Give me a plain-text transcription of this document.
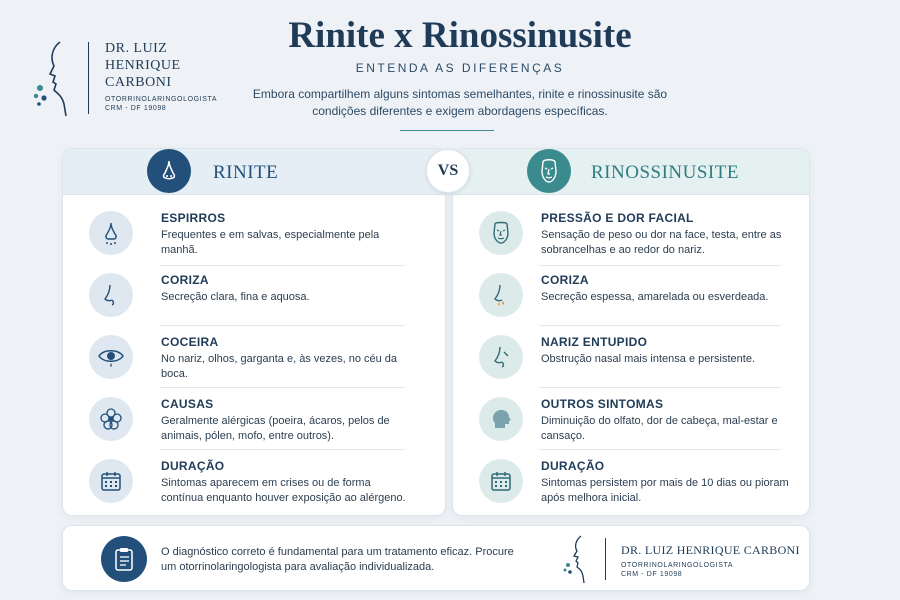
DR. LUIZ HENRIQUE CARBONI
OTORRINOLARINGOLOGISTA
CRM - DF 19098
Rinite x Rinossinusite
ENTENDA AS DIFERENÇAS

Embora compartilhem alguns sintomas semelhantes, rinite e rinossinusite são condições diferentes e exigem abordagens específicas.

VS
RINITE
ESPIRROS
Frequentes e em salvas, especialmente pela manhã.
CORIZA
Secreção clara, fina e aquosa.
COCEIRA
No nariz, olhos, garganta e, às vezes, no céu da boca.
CAUSAS
Geralmente alérgicas (poeira, ácaros, pelos de animais, pólen, mofo, entre outros).
DURAÇÃO
Sintomas aparecem em crises ou de forma contínua enquanto houver exposição ao alérgeno.
RINOSSINUSITE
PRESSÃO E DOR FACIAL
Sensação de peso ou dor na face, testa, entre as sobrancelhas e ao redor do nariz.
CORIZA
Secreção espessa, amarelada ou esverdeada.
NARIZ ENTUPIDO
Obstrução nasal mais intensa e persistente.
OUTROS SINTOMAS
Diminuição do olfato, dor de cabeça, mal-estar e cansaço.
DURAÇÃO
Sintomas persistem por mais de 10 dias ou pioram após melhora inicial.

O diagnóstico correto é fundamental para um tratamento eficaz. Procure um otorrinolaringologista para avaliação individualizada.

DR. LUIZ HENRIQUE CARBONI
OTORRINOLARINGOLOGISTA
CRM - DF 19098
